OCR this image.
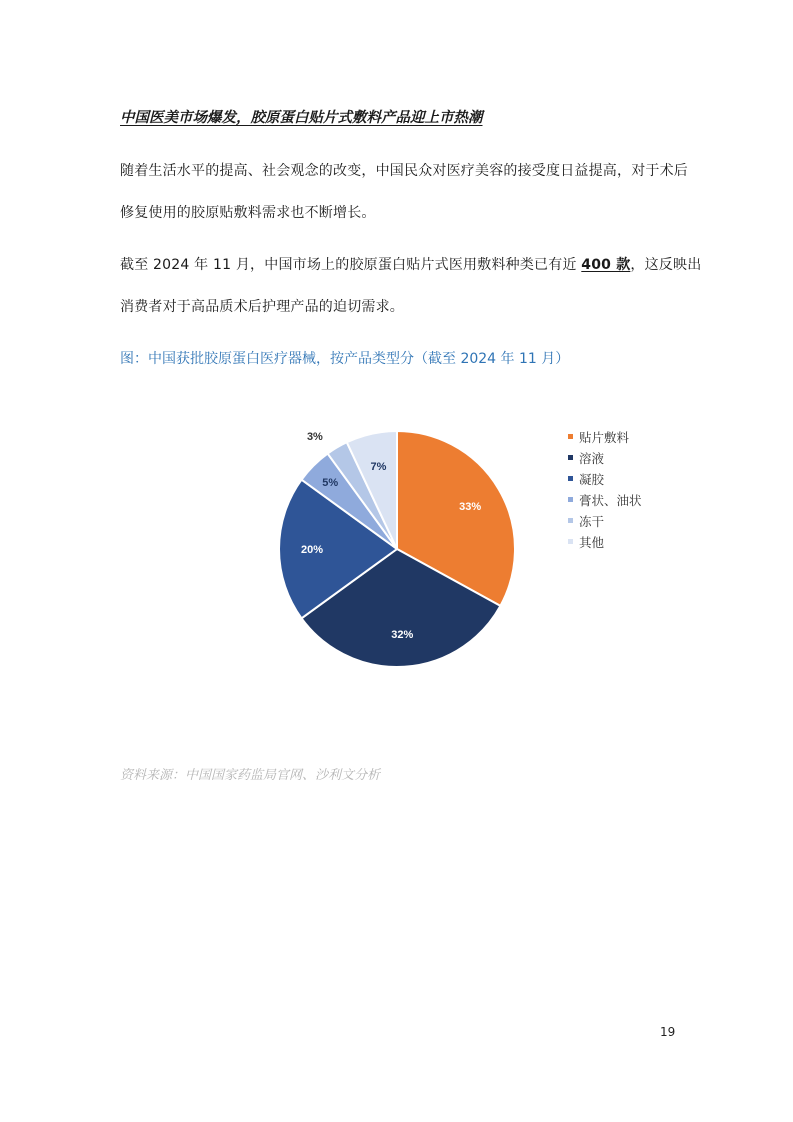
中国医美市场爆发，胶原蛋白贴片式敷料产品迎上市热潮
随着生活水平的提高、社会观念的改变，中国民众对医疗美容的接受度日益提高，对于术后
修复使用的胶原贴敷料需求也不断增长。
截至 2024 年 11 月，中国市场上的胶原蛋白贴片式医用敷料种类已有近 400 款，这反映出
消费者对于高品质术后护理产品的迫切需求。
图：中国获批胶原蛋白医疗器械，按产品类型分（截至 2024 年 11 月）
33%
32%
20%
5%
3%
7%
贴片敷料
溶液
凝胶
膏状、油状
冻干
其他
资料来源：中国国家药监局官网、沙利文分析
19
